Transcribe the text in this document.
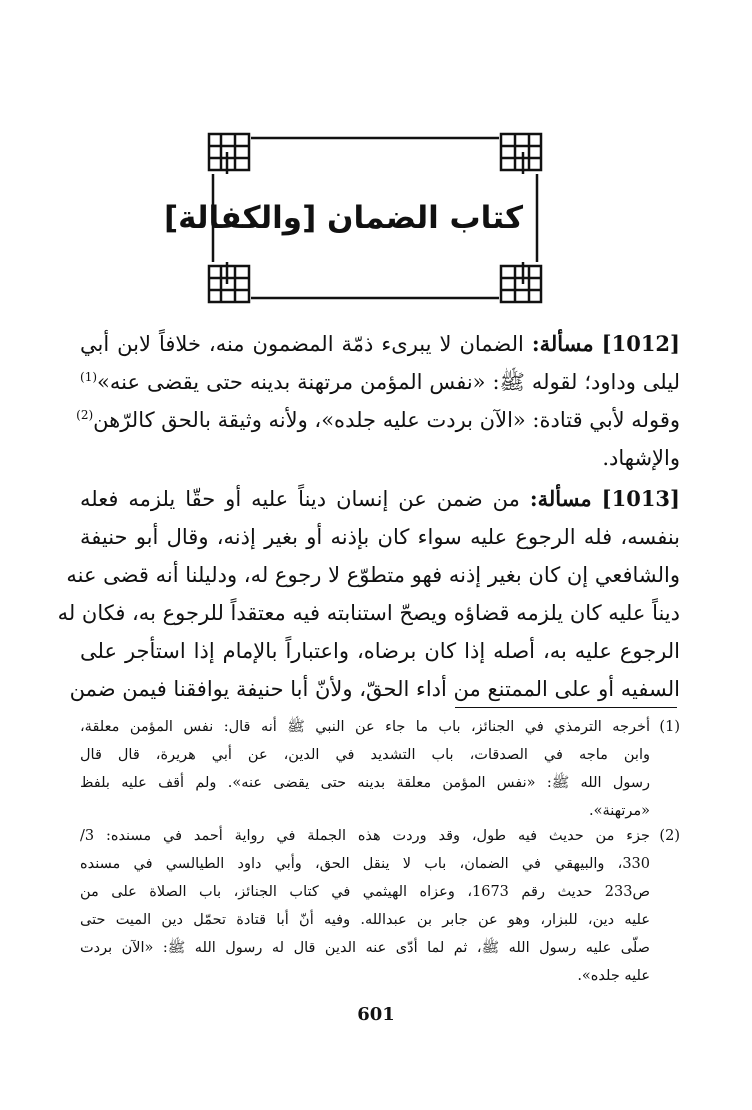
كتاب الضمان [والكفالة]
[1012] مسألة: الضمان لا يبرىء ذمّة المضمون منه، خلافاً لابن أبي
ليلى وداود؛ لقوله ﷺ: «نفس المؤمن مرتهنة بدينه حتى يقضى عنه»$^{(1)}$
وقوله لأبي قتادة: «الآن بردت عليه جلده»، ولأنه وثيقة بالحق كالرّهن$^{(2)}$
والإشهاد.
[1013] مسألة: من ضمن عن إنسان ديناً عليه أو حقّا يلزمه فعله
بنفسه، فله الرجوع عليه سواء كان بإذنه أو بغير إذنه، وقال أبو حنيفة
والشافعي إن كان بغير إذنه فهو متطوّع لا رجوع له، ودليلنا أنه قضى عنه
ديناً عليه كان يلزمه قضاؤه ويصحّ استنابته فيه معتقداً للرجوع به، فكان له
الرجوع عليه به، أصله إذا كان برضاه، واعتباراً بالإمام إذا استأجر على
السفيه أو على الممتنع من أداء الحقّ، ولأنّ أبا حنيفة يوافقنا فيمن ضمن
(1)
أخرجه الترمذي في الجنائز، باب ما جاء عن النبي ﷺ أنه قال: نفس المؤمن معلقة،
وابن ماجه في الصدقات، باب التشديد في الدين، عن أبي هريرة، قال قال
رسول الله ﷺ: «نفس المؤمن معلقة بدينه حتى يقضى عنه». ولم أقف عليه بلفظ
«مرتهنة».
(2)
جزء من حديث فيه طول، وقد وردت هذه الجملة في رواية أحمد في مسنده: 3/
330، والبيهقي في الضمان، باب لا ينقل الحق، وأبي داود الطيالسي في مسنده
ص233 حديث رقم 1673، وعزاه الهيثمي في كتاب الجنائز، باب الصلاة على من
عليه دين، للبزار، وهو عن جابر بن عبدالله. وفيه أنّ أبا قتادة تحمّل دين الميت حتى
صلّى عليه رسول الله ﷺ، ثم لما أدّى عنه الدين قال له رسول الله ﷺ: «الآن بردت
عليه جلده».
601
